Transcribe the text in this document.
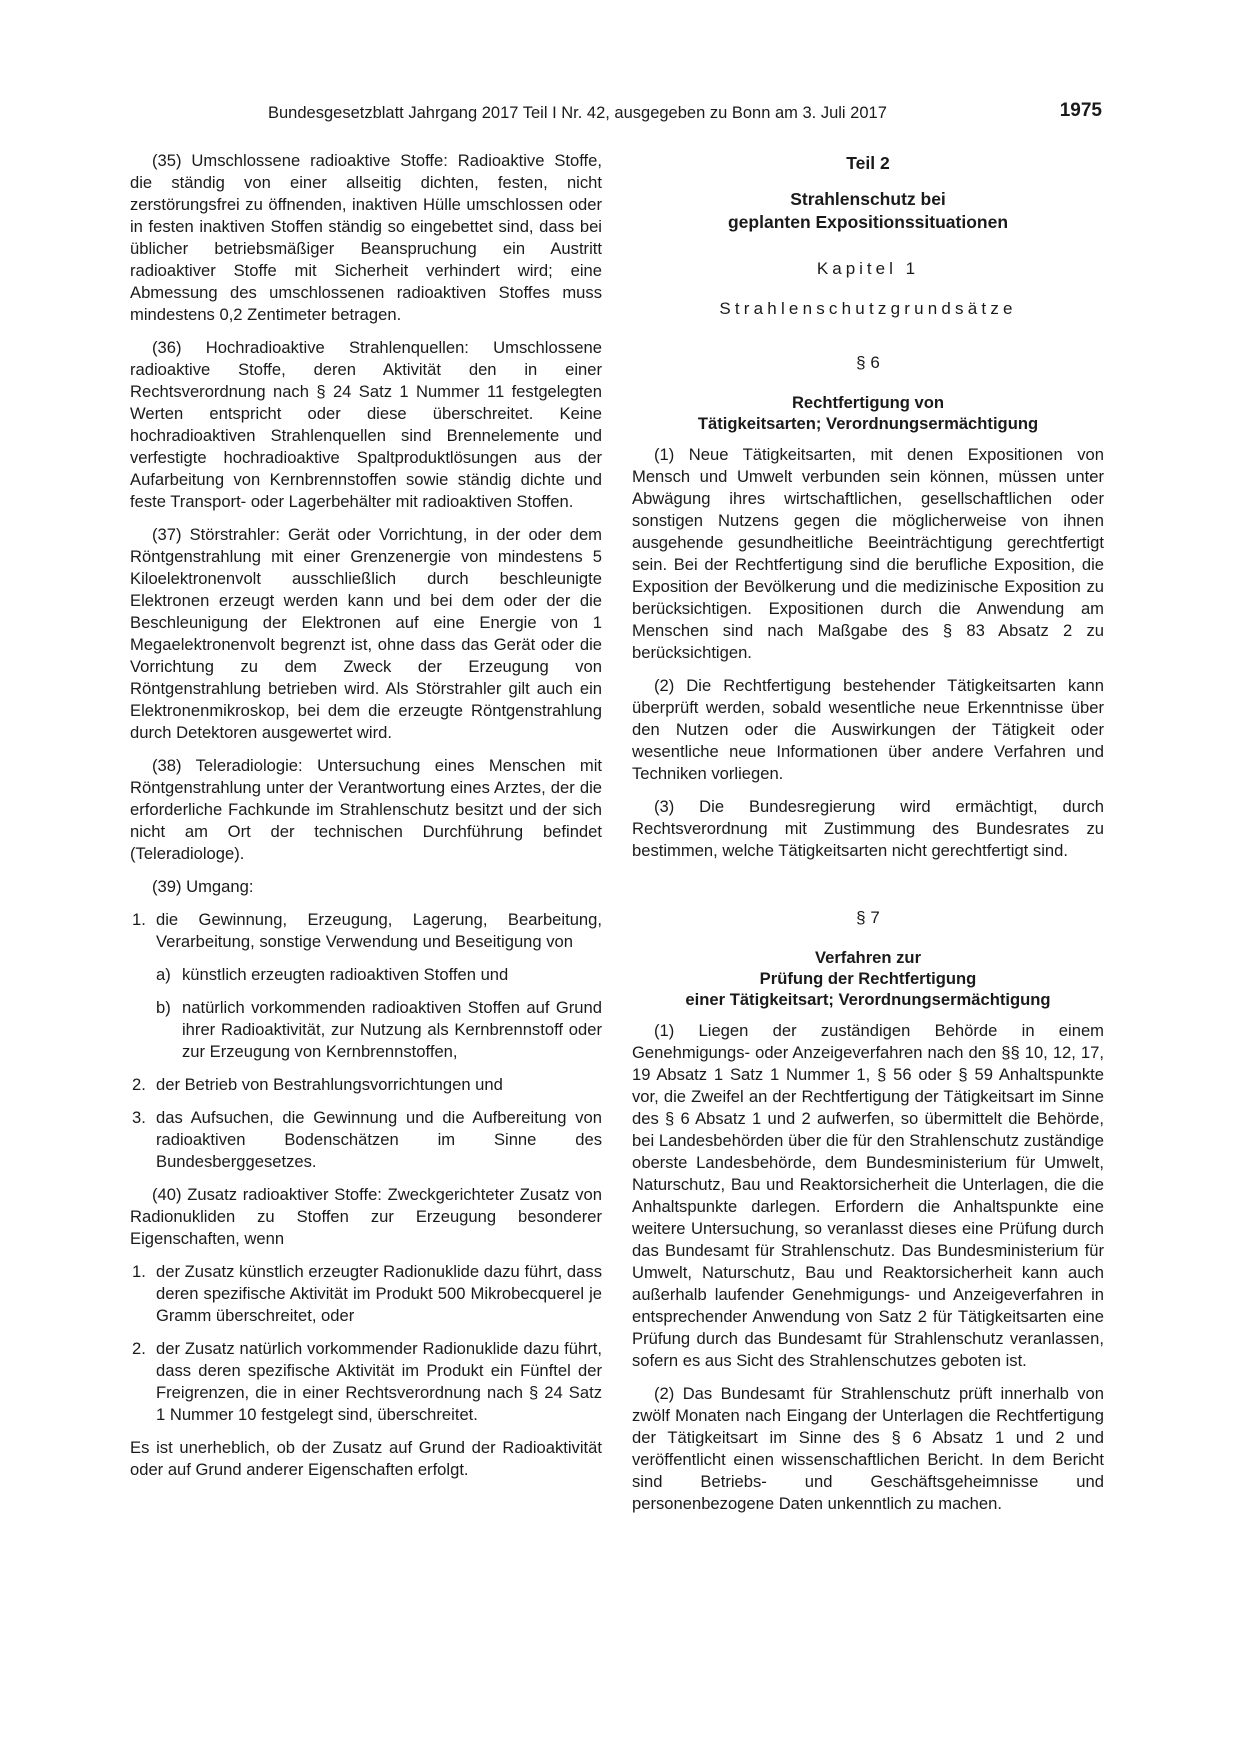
Bundesgesetzblatt Jahrgang 2017 Teil I Nr. 42, ausgegeben zu Bonn am 3. Juli 2017	1975

(35) Umschlossene radioaktive Stoffe: Radioaktive Stoffe, die ständig von einer allseitig dichten, festen, nicht zerstörungsfrei zu öffnenden, inaktiven Hülle umschlossen oder in festen inaktiven Stoffen ständig so eingebettet sind, dass bei üblicher betriebsmäßiger Beanspruchung ein Austritt radioaktiver Stoffe mit Sicherheit verhindert wird; eine Abmessung des umschlossenen radioaktiven Stoffes muss mindestens 0,2 Zentimeter betragen.

(36) Hochradioaktive Strahlenquellen: Umschlossene radioaktive Stoffe, deren Aktivität den in einer Rechtsverordnung nach § 24 Satz 1 Nummer 11 festgelegten Werten entspricht oder diese überschreitet. Keine hochradioaktiven Strahlenquellen sind Brennelemente und verfestigte hochradioaktive Spaltproduktlösungen aus der Aufarbeitung von Kernbrennstoffen sowie ständig dichte und feste Transport- oder Lagerbehälter mit radioaktiven Stoffen.

(37) Störstrahler: Gerät oder Vorrichtung, in der oder dem Röntgenstrahlung mit einer Grenzenergie von mindestens 5 Kiloelektronenvolt ausschließlich durch beschleunigte Elektronen erzeugt werden kann und bei dem oder der die Beschleunigung der Elektronen auf eine Energie von 1 Megaelektronenvolt begrenzt ist, ohne dass das Gerät oder die Vorrichtung zu dem Zweck der Erzeugung von Röntgenstrahlung betrieben wird. Als Störstrahler gilt auch ein Elektronenmikroskop, bei dem die erzeugte Röntgenstrahlung durch Detektoren ausgewertet wird.

(38) Teleradiologie: Untersuchung eines Menschen mit Röntgenstrahlung unter der Verantwortung eines Arztes, der die erforderliche Fachkunde im Strahlenschutz besitzt und der sich nicht am Ort der technischen Durchführung befindet (Teleradiologe).

(39) Umgang:

1. die Gewinnung, Erzeugung, Lagerung, Bearbeitung, Verarbeitung, sonstige Verwendung und Beseitigung von
a) künstlich erzeugten radioaktiven Stoffen und
b) natürlich vorkommenden radioaktiven Stoffen auf Grund ihrer Radioaktivität, zur Nutzung als Kernbrennstoff oder zur Erzeugung von Kernbrennstoffen,
2. der Betrieb von Bestrahlungsvorrichtungen und
3. das Aufsuchen, die Gewinnung und die Aufbereitung von radioaktiven Bodenschätzen im Sinne des Bundesberggesetzes.

(40) Zusatz radioaktiver Stoffe: Zweckgerichteter Zusatz von Radionukliden zu Stoffen zur Erzeugung besonderer Eigenschaften, wenn

1. der Zusatz künstlich erzeugter Radionuklide dazu führt, dass deren spezifische Aktivität im Produkt 500 Mikrobecquerel je Gramm überschreitet, oder
2. der Zusatz natürlich vorkommender Radionuklide dazu führt, dass deren spezifische Aktivität im Produkt ein Fünftel der Freigrenzen, die in einer Rechtsverordnung nach § 24 Satz 1 Nummer 10 festgelegt sind, überschreitet.

Es ist unerheblich, ob der Zusatz auf Grund der Radioaktivität oder auf Grund anderer Eigenschaften erfolgt.

Teil 2
Strahlenschutz bei
geplanten Expositionssituationen
Kapitel 1
Strahlenschutzgrundsätze
§ 6
Rechtfertigung von
Tätigkeitsarten; Verordnungsermächtigung

(1) Neue Tätigkeitsarten, mit denen Expositionen von Mensch und Umwelt verbunden sein können, müssen unter Abwägung ihres wirtschaftlichen, gesellschaftlichen oder sonstigen Nutzens gegen die möglicherweise von ihnen ausgehende gesundheitliche Beeinträchtigung gerechtfertigt sein. Bei der Rechtfertigung sind die berufliche Exposition, die Exposition der Bevölkerung und die medizinische Exposition zu berücksichtigen. Expositionen durch die Anwendung am Menschen sind nach Maßgabe des § 83 Absatz 2 zu berücksichtigen.

(2) Die Rechtfertigung bestehender Tätigkeitsarten kann überprüft werden, sobald wesentliche neue Erkenntnisse über den Nutzen oder die Auswirkungen der Tätigkeit oder wesentliche neue Informationen über andere Verfahren und Techniken vorliegen.

(3) Die Bundesregierung wird ermächtigt, durch Rechtsverordnung mit Zustimmung des Bundesrates zu bestimmen, welche Tätigkeitsarten nicht gerechtfertigt sind.

§ 7
Verfahren zur
Prüfung der Rechtfertigung
einer Tätigkeitsart; Verordnungsermächtigung

(1) Liegen der zuständigen Behörde in einem Genehmigungs- oder Anzeigeverfahren nach den §§ 10, 12, 17, 19 Absatz 1 Satz 1 Nummer 1, § 56 oder § 59 Anhaltspunkte vor, die Zweifel an der Rechtfertigung der Tätigkeitsart im Sinne des § 6 Absatz 1 und 2 aufwerfen, so übermittelt die Behörde, bei Landesbehörden über die für den Strahlenschutz zuständige oberste Landesbehörde, dem Bundesministerium für Umwelt, Naturschutz, Bau und Reaktorsicherheit die Unterlagen, die die Anhaltspunkte darlegen. Erfordern die Anhaltspunkte eine weitere Untersuchung, so veranlasst dieses eine Prüfung durch das Bundesamt für Strahlenschutz. Das Bundesministerium für Umwelt, Naturschutz, Bau und Reaktorsicherheit kann auch außerhalb laufender Genehmigungs- und Anzeigeverfahren in entsprechender Anwendung von Satz 2 für Tätigkeitsarten eine Prüfung durch das Bundesamt für Strahlenschutz veranlassen, sofern es aus Sicht des Strahlenschutzes geboten ist.

(2) Das Bundesamt für Strahlenschutz prüft innerhalb von zwölf Monaten nach Eingang der Unterlagen die Rechtfertigung der Tätigkeitsart im Sinne des § 6 Absatz 1 und 2 und veröffentlicht einen wissenschaftlichen Bericht. In dem Bericht sind Betriebs- und Geschäftsgeheimnisse und personenbezogene Daten unkenntlich zu machen.
